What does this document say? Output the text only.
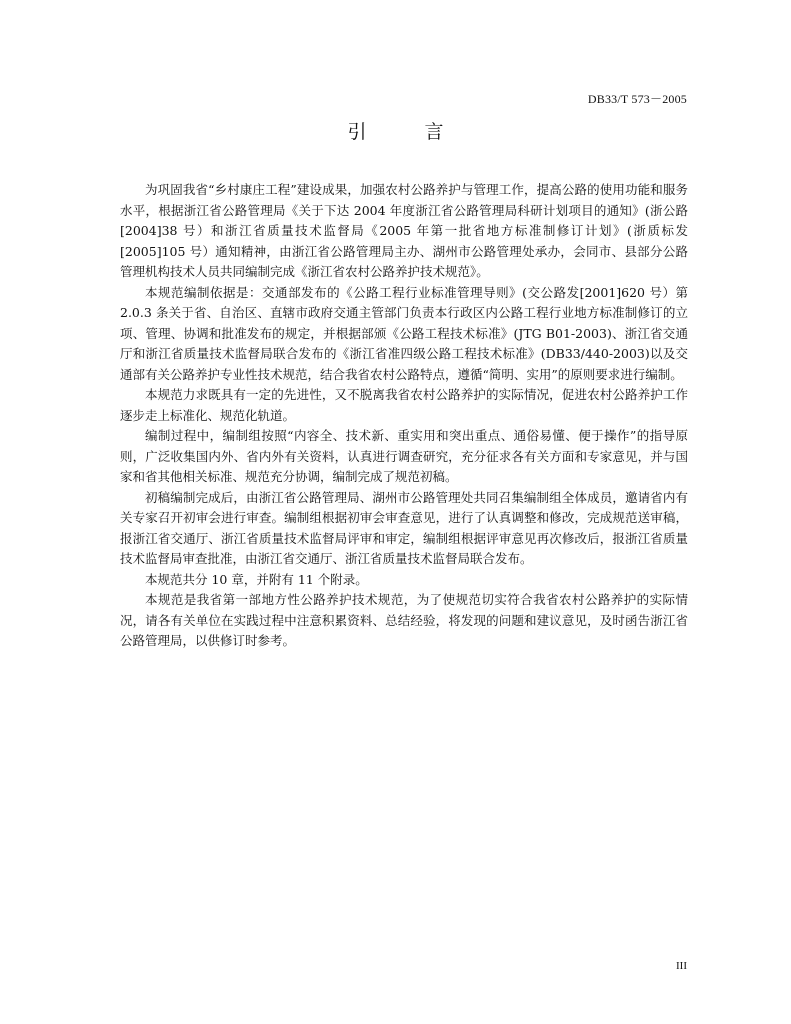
DB33/T 573－2005
引 言

为巩固我省“乡村康庄工程”建设成果，加强农村公路养护与管理工作，提高公路的使用功能和服务水平，根据浙江省公路管理局《关于下达 2004 年度浙江省公路管理局科研计划项目的通知》(浙公路[2004]38 号）和浙江省质量技术监督局《2005 年第一批省地方标准制修订计划》(浙质标发[2005]105 号）通知精神，由浙江省公路管理局主办、湖州市公路管理处承办，会同市、县部分公路管理机构技术人员共同编制完成《浙江省农村公路养护技术规范》。

本规范编制依据是：交通部发布的《公路工程行业标准管理导则》(交公路发[2001]620 号）第 2.0.3 条关于省、自治区、直辖市政府交通主管部门负责本行政区内公路工程行业地方标准制修订的立项、管理、协调和批准发布的规定，并根据部颁《公路工程技术标准》(JTG B01-2003)、浙江省交通厅和浙江省质量技术监督局联合发布的《浙江省准四级公路工程技术标准》(DB33/440-2003)以及交通部有关公路养护专业性技术规范，结合我省农村公路特点，遵循“简明、实用”的原则要求进行编制。

本规范力求既具有一定的先进性，又不脱离我省农村公路养护的实际情况，促进农村公路养护工作逐步走上标准化、规范化轨道。

编制过程中，编制组按照“内容全、技术新、重实用和突出重点、通俗易懂、便于操作”的指导原则，广泛收集国内外、省内外有关资料，认真进行调查研究，充分征求各有关方面和专家意见，并与国家和省其他相关标准、规范充分协调，编制完成了规范初稿。

初稿编制完成后，由浙江省公路管理局、湖州市公路管理处共同召集编制组全体成员，邀请省内有关专家召开初审会进行审查。编制组根据初审会审查意见，进行了认真调整和修改，完成规范送审稿，报浙江省交通厅、浙江省质量技术监督局评审和审定，编制组根据评审意见再次修改后，报浙江省质量技术监督局审查批准，由浙江省交通厅、浙江省质量技术监督局联合发布。

本规范共分 10 章，并附有 11 个附录。

本规范是我省第一部地方性公路养护技术规范，为了使规范切实符合我省农村公路养护的实际情况，请各有关单位在实践过程中注意积累资料、总结经验，将发现的问题和建议意见，及时函告浙江省公路管理局，以供修订时参考。

III
